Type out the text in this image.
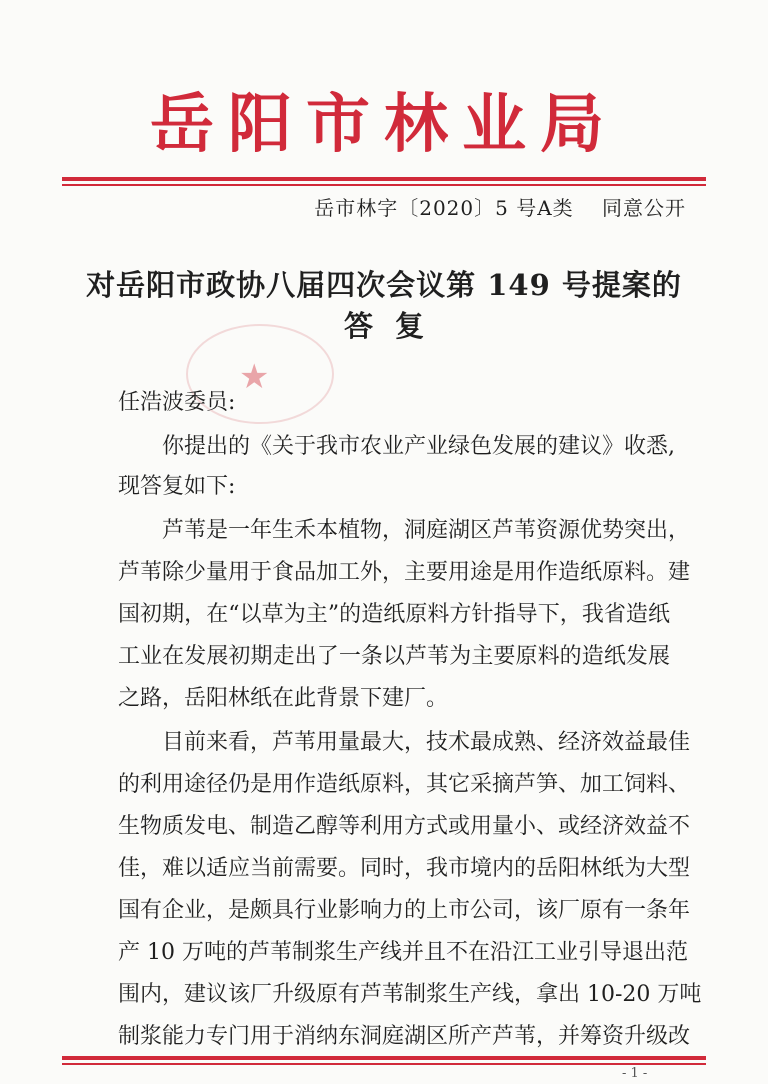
岳阳市林业局
岳市林字〔2020〕5 号A类　 同意公开
★
对岳阳市政协八届四次会议第 149 号提案的
答复
任浩波委员:
你提出的《关于我市农业产业绿色发展的建议》收悉,
现答复如下:
芦苇是一年生禾本植物，洞庭湖区芦苇资源优势突出，
芦苇除少量用于食品加工外，主要用途是用作造纸原料。建
国初期，在“以草为主”的造纸原料方针指导下，我省造纸
工业在发展初期走出了一条以芦苇为主要原料的造纸发展
之路，岳阳林纸在此背景下建厂。
目前来看，芦苇用量最大，技术最成熟、经济效益最佳
的利用途径仍是用作造纸原料，其它采摘芦笋、加工饲料、
生物质发电、制造乙醇等利用方式或用量小、或经济效益不
佳，难以适应当前需要。同时，我市境内的岳阳林纸为大型
国有企业，是颇具行业影响力的上市公司，该厂原有一条年
产 10 万吨的芦苇制浆生产线并且不在沿江工业引导退出范
围内，建议该厂升级原有芦苇制浆生产线，拿出 10-20 万吨
制浆能力专门用于消纳东洞庭湖区所产芦苇，并筹资升级改
- 1 -
